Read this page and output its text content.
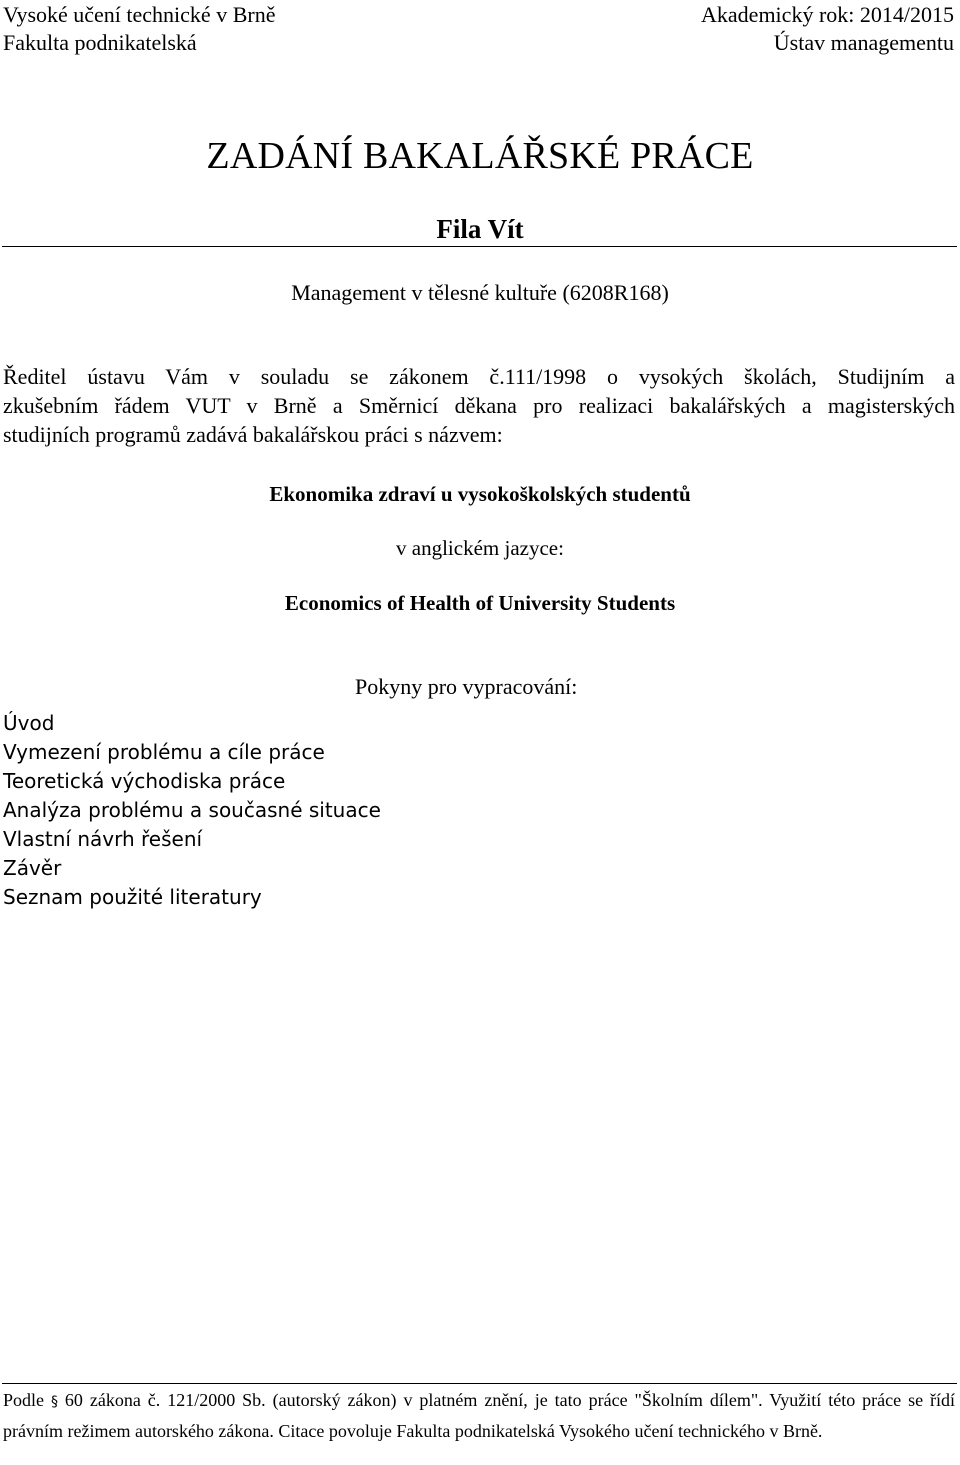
Vysoké učení technické v Brně
Fakulta podnikatelská
Akademický rok: 2014/2015
Ústav managementu
ZADÁNÍ BAKALÁŘSKÉ PRÁCE
Fila Vít
Management v tělesné kultuře (6208R168)
Ředitel ústavu Vám v souladu se zákonem č.111/1998 o vysokých školách, Studijním a
zkušebním řádem VUT v Brně a Směrnicí děkana pro realizaci bakalářských a magisterských
studijních programů zadává bakalářskou práci s názvem:
Ekonomika zdraví u vysokoškolských studentů
v anglickém jazyce:
Economics of Health of University Students
Pokyny pro vypracování:
Úvod
Vymezení problému a cíle práce
Teoretická východiska práce
Analýza problému a současné situace
Vlastní návrh řešení
Závěr
Seznam použité literatury
Podle § 60 zákona č. 121/2000 Sb. (autorský zákon) v platném znění, je tato práce "Školním dílem". Využití této práce se řídí právním režimem autorského zákona. Citace povoluje Fakulta podnikatelská Vysokého učení technického v Brně.
